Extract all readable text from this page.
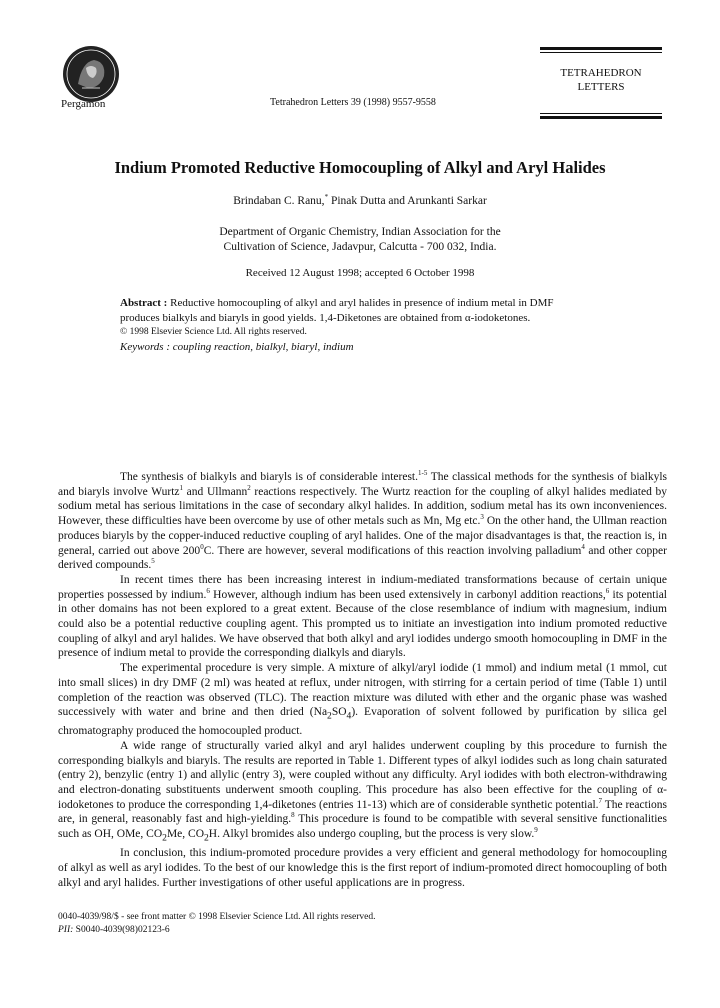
Pergamon	Tetrahedron Letters 39 (1998) 9557-9558
TETRAHEDRON
LETTERS
Indium Promoted Reductive Homocoupling of Alkyl and Aryl Halides
Brindaban C. Ranu,* Pinak Dutta and Arunkanti Sarkar
Department of Organic Chemistry, Indian Association for the
Cultivation of Science, Jadavpur, Calcutta - 700 032, India.
Received 12 August 1998; accepted 6 October 1998
Abstract : Reductive homocoupling of alkyl and aryl halides in presence of indium metal in DMF produces bialkyls and biaryls in good yields. 1,4-Diketones are obtained from α-iodoketones.
© 1998 Elsevier Science Ltd. All rights reserved.
Keywords : coupling reaction, bialkyl, biaryl, indium

The synthesis of bialkyls and biaryls is of considerable interest.$^{1-5}$ The classical methods for the synthesis of bialkyls and biaryls involve Wurtz$^1$ and Ullmann$^2$ reactions respectively. The Wurtz reaction for the coupling of alkyl halides mediated by sodium metal has serious limitations in the case of secondary alkyl halides. In addition, sodium metal has its own inconveniences. However, these difficulties have been overcome by use of other metals such as Mn, Mg etc.$^3$ On the other hand, the Ullman reaction produces biaryls by the copper-induced reductive coupling of aryl halides. One of the major disadvantages is that, the reaction is, in general, carried out above $200^0C$. There are however, several modifications of this reaction involving palladium$^4$ and other copper derived compounds.$^5$

In recent times there has been increasing interest in indium-mediated transformations because of certain unique properties possessed by indium.$^6$ However, although indium has been used extensively in carbonyl addition reactions,$^6$ its potential in other domains has not been explored to a great extent. Because of the close resemblance of indium with magnesium, indium could also be a potential reductive coupling agent. This prompted us to initiate an investigation into indium promoted reductive coupling of alkyl and aryl halides. We have observed that both alkyl and aryl iodides undergo smooth homocoupling in DMF in the presence of indium metal to provide the corresponding dialkyls and diaryls.

The experimental procedure is very simple. A mixture of alkyl/aryl iodide (1 mmol) and indium metal (1 mmol, cut into small slices) in dry DMF (2 ml) was heated at reflux, under nitrogen, with stirring for a certain period of time (Table 1) until completion of the reaction was observed (TLC). The reaction mixture was diluted with ether and the organic phase was washed successively with water and brine and then dried $(Na_2SO_4)$. Evaporation of solvent followed by purification by silica gel chromatography produced the homocoupled product.

A wide range of structurally varied alkyl and aryl halides underwent coupling by this procedure to furnish the corresponding bialkyls and biaryls. The results are reported in Table 1. Different types of alkyl iodides such as long chain saturated (entry 2), benzylic (entry 1) and allylic (entry 3), were coupled without any difficulty. Aryl iodides with both electron-withdrawing and electron-donating substituents underwent smooth coupling. This procedure has also been effective for the coupling of α-iodoketones to produce the corresponding 1,4-diketones (entries 11-13) which are of considerable synthetic potential.$^7$ The reactions are, in general, reasonably fast and high-yielding.$^8$ This procedure is found to be compatible with several sensitive functionalities such as OH, OMe, $CO_2Me$, $CO_2H$. Alkyl bromides also undergo coupling, but the process is very slow.$^9$

In conclusion, this indium-promoted procedure provides a very efficient and general methodology for homocoupling of alkyl as well as aryl iodides. To the best of our knowledge this is the first report of indium-promoted direct homocoupling of both alkyl and aryl halides. Further investigations of other useful applications are in progress.

0040-4039/98/$ - see front matter © 1998 Elsevier Science Ltd. All rights reserved.
PII: S0040-4039(98)02123-6
